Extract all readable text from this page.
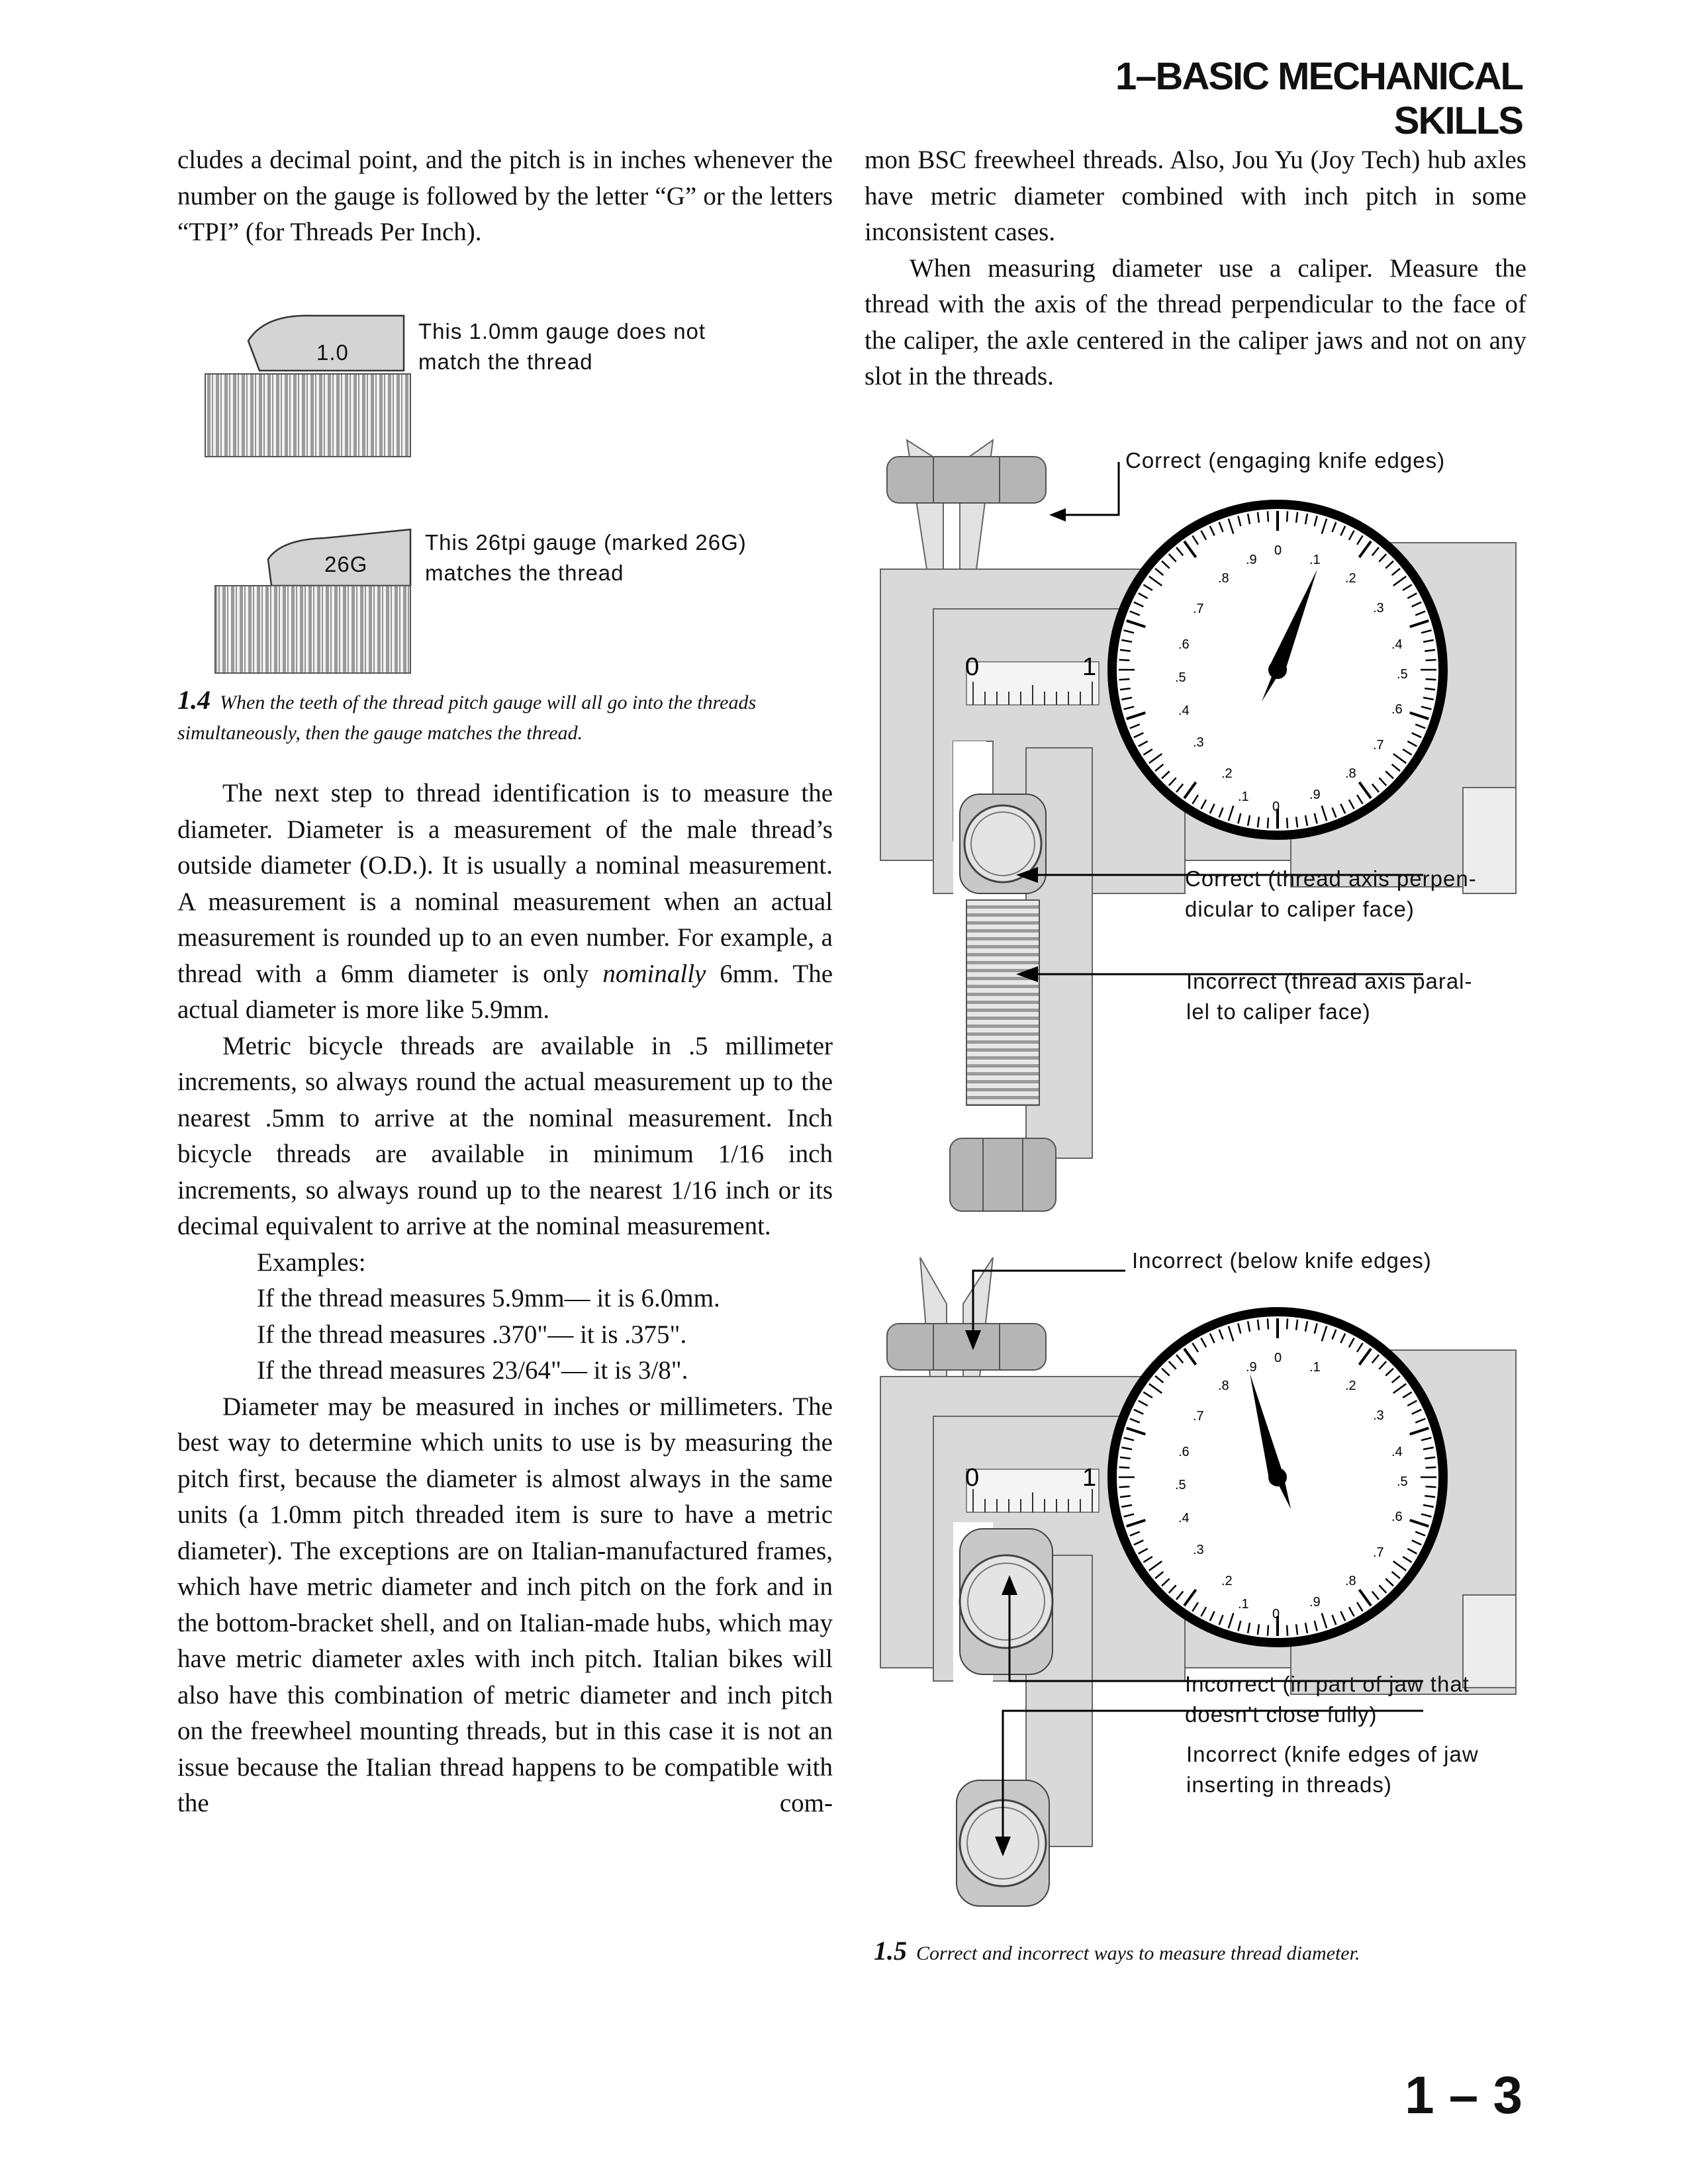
1–BASIC MECHANICAL SKILLS

cludes a decimal point, and the pitch is in inches whenever the number on the gauge is followed by the letter “G” or the letters “TPI” (for Threads Per Inch).

1.0
This 1.0mm gauge does not
match the thread
26G
This 26tpi gauge (marked 26G)
matches the thread
1.4 When the teeth of the thread pitch gauge will all go into the threads simultaneously, then the gauge matches the thread.

The next step to thread identification is to measure the diameter. Diameter is a measurement of the male thread’s outside diameter (O.D.). It is usually a nominal measurement. A measurement is a nominal measurement when an actual measurement is rounded up to an even number. For example, a thread with a 6mm diameter is only nominally 6mm. The actual diameter is more like 5.9mm.

Metric bicycle threads are available in .5 millimeter increments, so always round the actual measurement up to the nearest .5mm to arrive at the nominal measurement. Inch bicycle threads are available in minimum 1/16 inch increments, so always round up to the nearest 1/16 inch or its decimal equivalent to arrive at the nominal measurement.

Examples:

If the thread measures 5.9mm— it is 6.0mm.

If the thread measures .370"— it is .375".

If the thread measures 23/64"— it is 3/8".

Diameter may be measured in inches or millimeters. The best way to determine which units to use is by measuring the pitch first, because the diameter is almost always in the same units (a 1.0mm pitch threaded item is sure to have a metric diameter). The exceptions are on Italian-manufactured frames, which have metric diameter and inch pitch on the fork and in the bottom-bracket shell, and on Italian-made hubs, which may have metric diameter axles with inch pitch. Italian bikes will also have this combination of metric diameter and inch pitch on the freewheel mounting threads, but in this case it is not an issue because the Italian thread happens to be compatible with the com-

mon BSC freewheel threads. Also, Jou Yu (Joy Tech) hub axles have metric diameter combined with inch pitch in some inconsistent cases.

When measuring diameter use a caliper. Measure the thread with the axis of the thread perpendicular to the face of the caliper, the axle centered in the caliper jaws and not on any slot in the threads.

0	1
0
.1
.2
.3
.4
.5
.6
.7
.8
.9
0
.1
.2
.3
.4
.5
.6
.7
.8
.9
Correct (engaging knife edges)
Correct (thread axis perpen-
dicular to caliper face)
Incorrect (thread axis paral-
lel to caliper face)
0	1
0
.1
.2
.3
.4
.5
.6
.7
.8
.9
0
.1
.2
.3
.4
.5
.6
.7
.8
.9
Incorrect (below knife edges)
Incorrect (in part of jaw that
doesn't close fully)
Incorrect (knife edges of jaw
inserting in threads)
1.5 Correct and incorrect ways to measure thread diameter.
1 – 3
